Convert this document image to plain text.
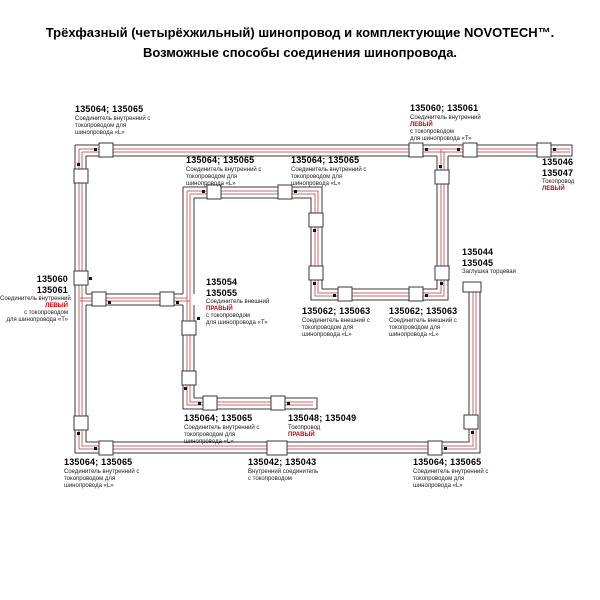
Трёхфазный (четырёхжильный) шинопровод и комплектующие NOVOTECH™.
Возможные способы соединения шинопровода.
135064; 135065
Соединитель внутренний с
токопроводом для
шинопровода «L»
135064; 135065
Соединитель внутренний с
токопроводом для
шинопровода «L»
135064; 135065
Соединитель внутренний с
токопроводом для
шинопровода «L»
135060; 135061
Соединитель внутренний
ЛЕВЫЙ
с токопроводом
для шинопровода «Т»
135046
135047
Токопровод
ЛЕВЫЙ
135060
135061
Соединитель внутренний
ЛЕВЫЙ
с токопроводом
для шинопровода «Т»
135054
135055
Соединитель внешний
ПРАВЫЙ
с токопроводом
для шинопровода «Т»
135062; 135063
Соединитель внешний с
токопроводом для
шинопровода «L»
135062; 135063
Соединитель внешний с
токопроводом для
шинопровода «L»
135044
135045
Заглушка торцевая
135064; 135065
Соединитель внутренний с
токопроводом для
шинопровода «L»
135048; 135049
Токопровод
ПРАВЫЙ
135064; 135065
Соединитель внутренний с
токопроводом для
шинопровода «L»
135042; 135043
Внутренний соединитель
с токопроводом
135064; 135065
Соединитель внутренний с
токопроводом для
шинопровода «L»
